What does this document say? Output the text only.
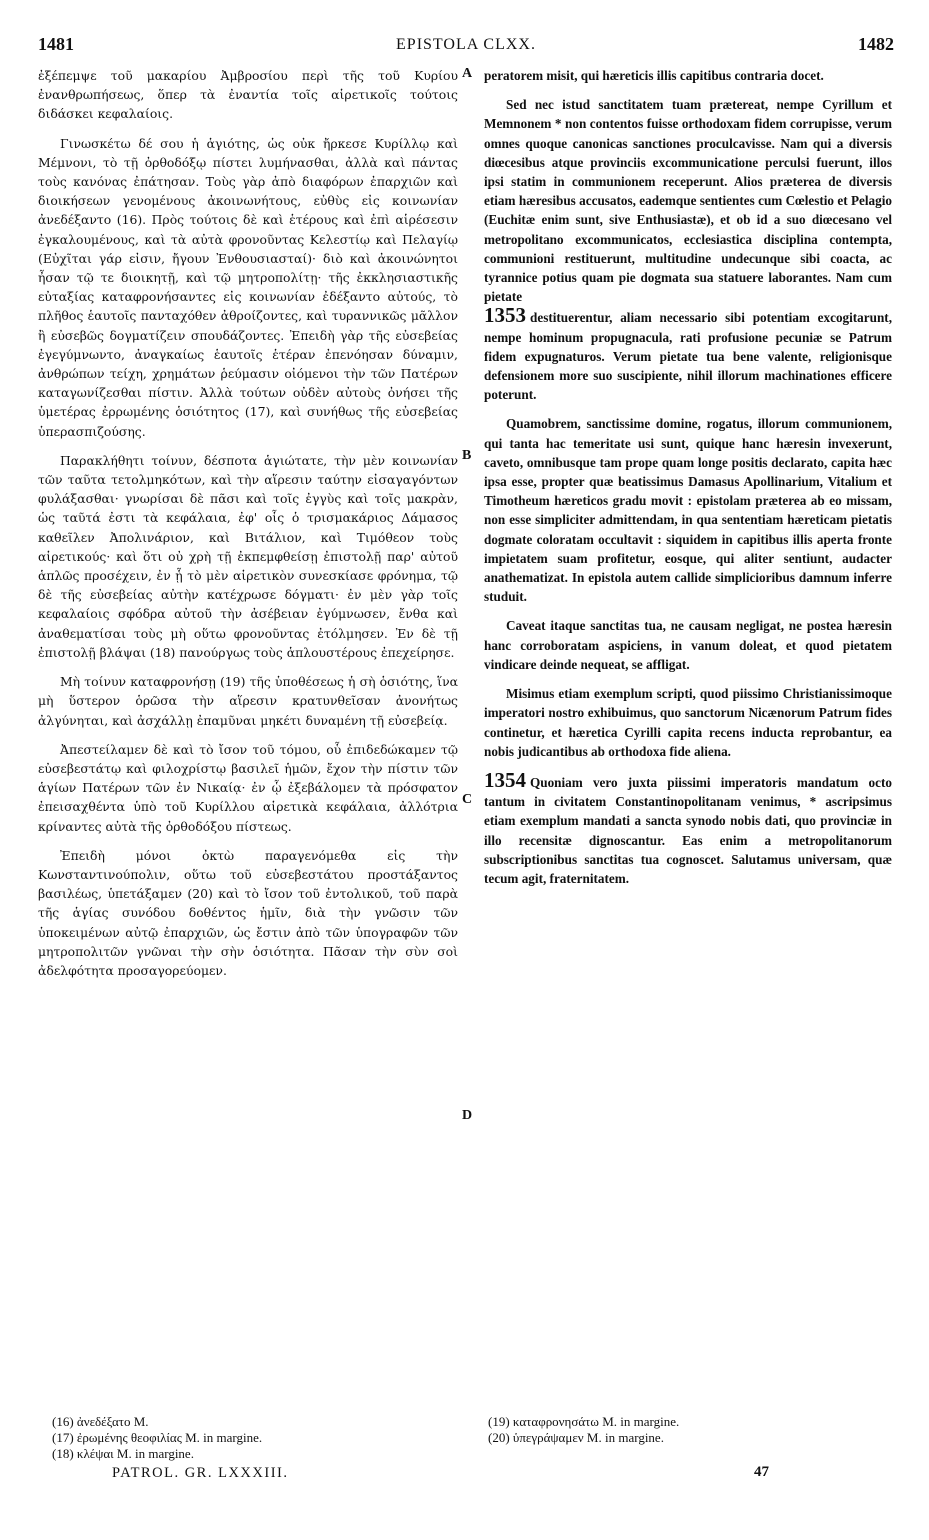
1481	EPISTOLA CLXX.	1482

ἐξέπεμψε τοῦ μακαρίου Ἀμβροσίου περὶ τῆς τοῦ Κυρίου ἐνανθρωπήσεως, ὅπερ τὰ ἐναντία τοῖς αἱρετικοῖς τούτοις διδάσκει κεφαλαίοις.

Γινωσκέτω δέ σου ἡ ἁγιότης, ὡς οὐκ ἤρκεσε Κυρίλλῳ καὶ Μέμνονι, τὸ τῇ ὀρθοδόξῳ πίστει λυμήνασθαι, ἀλλὰ καὶ πάντας τοὺς κανόνας ἐπάτησαν. Τοὺς γὰρ ἀπὸ διαφόρων ἐπαρχιῶν καὶ διοικήσεων γενομένους ἀκοινωνήτους, εὐθὺς εἰς κοινωνίαν ἀνεδέξαντο (16). Πρὸς τούτοις δὲ καὶ ἑτέρους καὶ ἐπὶ αἱρέσεσιν ἐγκαλουμένους, καὶ τὰ αὐτὰ φρονοῦντας Κελεστίῳ καὶ Πελαγίῳ (Εὐχῖται γάρ εἰσιν, ἤγουν Ἐνθουσιασταί)· διὸ καὶ ἀκοινώνητοι ἦσαν τῷ τε διοικητῇ, καὶ τῷ μητροπολίτῃ· τῆς ἐκκλησιαστικῆς εὐταξίας καταφρονήσαντες εἰς κοινωνίαν ἐδέξαντο αὐτούς, τὸ πλῆθος ἑαυτοῖς πανταχόθεν ἀθροίζοντες, καὶ τυραννικῶς μᾶλλον ἢ εὐσεβῶς δογματίζειν σπουδάζοντες. Ἐπειδὴ γὰρ τῆς εὐσεβείας ἐγεγύμνωντο, ἀναγκαίως ἑαυτοῖς ἑτέραν ἐπενόησαν δύναμιν, ἀνθρώπων τείχη, χρημάτων ῥεύμασιν οἰόμενοι τὴν τῶν Πατέρων καταγωνίζεσθαι πίστιν. Ἀλλὰ τούτων οὐδὲν αὐτοὺς ὀνήσει τῆς ὑμετέρας ἐρρωμένης ὁσιότητος (17), καὶ συνήθως τῆς εὐσεβείας ὑπερασπιζούσης.

Παρακλήθητι τοίνυν, δέσποτα ἁγιώτατε, τὴν μὲν κοινωνίαν τῶν ταῦτα τετολμηκότων, καὶ τὴν αἵρεσιν ταύτην εἰσαγαγόντων φυλάξασθαι· γνωρίσαι δὲ πᾶσι καὶ τοῖς ἐγγὺς καὶ τοῖς μακρὰν, ὡς ταῦτά ἐστι τὰ κεφάλαια, ἐφ' οἷς ὁ τρισμακάριος Δάμασος καθεῖλεν Ἀπολινάριον, καὶ Βιτάλιον, καὶ Τιμόθεον τοὺς αἱρετικούς· καὶ ὅτι οὐ χρὴ τῇ ἐκπεμφθείσῃ ἐπιστολῇ παρ' αὐτοῦ ἁπλῶς προσέχειν, ἐν ᾗ τὸ μὲν αἱρετικὸν συνεσκίασε φρόνημα, τῷ δὲ τῆς εὐσεβείας αὐτὴν κατέχρωσε δόγματι· ἐν μὲν γὰρ τοῖς κεφαλαίοις σφόδρα αὐτοῦ τὴν ἀσέβειαν ἐγύμνωσεν, ἔνθα καὶ ἀναθεματίσαι τοὺς μὴ οὕτω φρονοῦντας ἐτόλμησεν. Ἐν δὲ τῇ ἐπιστολῇ βλάψαι (18) πανούργως τοὺς ἁπλουστέρους ἐπεχείρησε.

Μὴ τοίνυν καταφρονήσῃ (19) τῆς ὑποθέσεως ἡ σὴ ὁσιότης, ἵνα μὴ ὕστερον ὁρῶσα τὴν αἵρεσιν κρατυνθεῖσαν ἀνονήτως ἀλγύνηται, καὶ ἀσχάλλῃ ἐπαμῦναι μηκέτι δυναμένη τῇ εὐσεβείᾳ.

Ἀπεστείλαμεν δὲ καὶ τὸ ἴσον τοῦ τόμου, οὗ ἐπιδεδώκαμεν τῷ εὐσεβεστάτῳ καὶ φιλοχρίστῳ βασιλεῖ ἡμῶν, ἔχον τὴν πίστιν τῶν ἁγίων Πατέρων τῶν ἐν Νικαίᾳ· ἐν ᾧ ἐξεβάλομεν τὰ πρόσφατον ἐπεισαχθέντα ὑπὸ τοῦ Κυρίλλου αἱρετικὰ κεφάλαια, ἀλλότρια κρίναντες αὐτὰ τῆς ὀρθοδόξου πίστεως.

Ἐπειδὴ μόνοι ὀκτὼ παραγενόμεθα εἰς τὴν Κωνσταντινούπολιν, οὕτω τοῦ εὐσεβεστάτου προστάξαντος βασιλέως, ὑπετάξαμεν (20) καὶ τὸ ἴσον τοῦ ἐντολικοῦ, τοῦ παρὰ τῆς ἁγίας συνόδου δοθέντος ἡμῖν, διὰ τὴν γνῶσιν τῶν ὑποκειμένων αὐτῷ ἐπαρχιῶν, ὡς ἔστιν ἀπὸ τῶν ὑπογραφῶν τῶν μητροπολιτῶν γνῶναι τὴν σὴν ὁσιότητα. Πᾶσαν τὴν σὺν σοὶ ἀδελφότητα προσαγορεύομεν.

A
B
C
D

peratorem misit, qui hæreticis illis capitibus contraria docet.

Sed nec istud sanctitatem tuam prætereat, nempe Cyrillum et Memnonem * non contentos fuisse orthodoxam fidem corrupisse, verum omnes quoque canonicas sanctiones proculcavisse. Nam qui a diversis diœcesibus atque provinciis excommunicatione perculsi fuerunt, illos ipsi statim in communionem receperunt. Alios præterea de diversis etiam hæresibus accusatos, eademque sentientes cum Cœlestio et Pelagio (Euchitæ enim sunt, sive Enthusiastæ), et ob id a suo diœcesano vel metropolitano excommunicatos, ecclesiastica disciplina contempta, communioni restituerunt, multitudine undecunque sibi coacta, ac tyrannice potius quam pie dogmata sua statuere laborantes. Nam cum pietate

1353 destituerentur, aliam necessario sibi potentiam excogitarunt, nempe hominum propugnacula, rati profusione pecuniæ se Patrum fidem expugnaturos. Verum pietate tua bene valente, religionisque defensionem more suo suscipiente, nihil illorum machinationes efficere poterunt.

Quamobrem, sanctissime domine, rogatus, illorum communionem, qui tanta hac temeritate usi sunt, quique hanc hæresin invexerunt, caveto, omnibusque tam prope quam longe positis declarato, capita hæc ipsa esse, propter quæ beatissimus Damasus Apollinarium, Vitalium et Timotheum hæreticos gradu movit : epistolam præterea ab eo missam, non esse simpliciter admittendam, in qua sententiam hæreticam pietatis dogmate coloratam occultavit : siquidem in capitibus illis aperta fronte impietatem suam profitetur, eosque, qui aliter sentiunt, audacter anathematizat. In epistola autem callide simplicioribus damnum inferre studuit.

Caveat itaque sanctitas tua, ne causam negligat, ne postea hæresin hanc corroboratam aspiciens, in vanum doleat, et quod pietatem vindicare deinde nequeat, se affligat.

Misimus etiam exemplum scripti, quod piissimo Christianissimoque imperatori nostro exhibuimus, quo sanctorum Nicænorum Patrum fides continetur, et hæretica Cyrilli capita recens inducta reprobantur, ea nobis judicantibus ab orthodoxa fide aliena.

1354 Quoniam vero juxta piissimi imperatoris mandatum octo tantum in civitatem Constantinopolitanam venimus, * ascripsimus etiam exemplum mandati a sancta synodo nobis dati, quo provinciæ in illo recensitæ dignoscantur. Eas enim a metropolitanorum subscriptionibus sanctitas tua cognoscet. Salutamus universam, quæ tecum agit, fraternitatem.

(16) ἀνεδέξατο M.
(17) ἐρωμένης θεοφιλίας M. in margine.
(18) κλέψαι M. in margine.
(19) καταφρονησάτω M. in margine.
(20) ὑπεγράψαμεν M. in margine.
PATROL. GR. LXXXIII.	47
